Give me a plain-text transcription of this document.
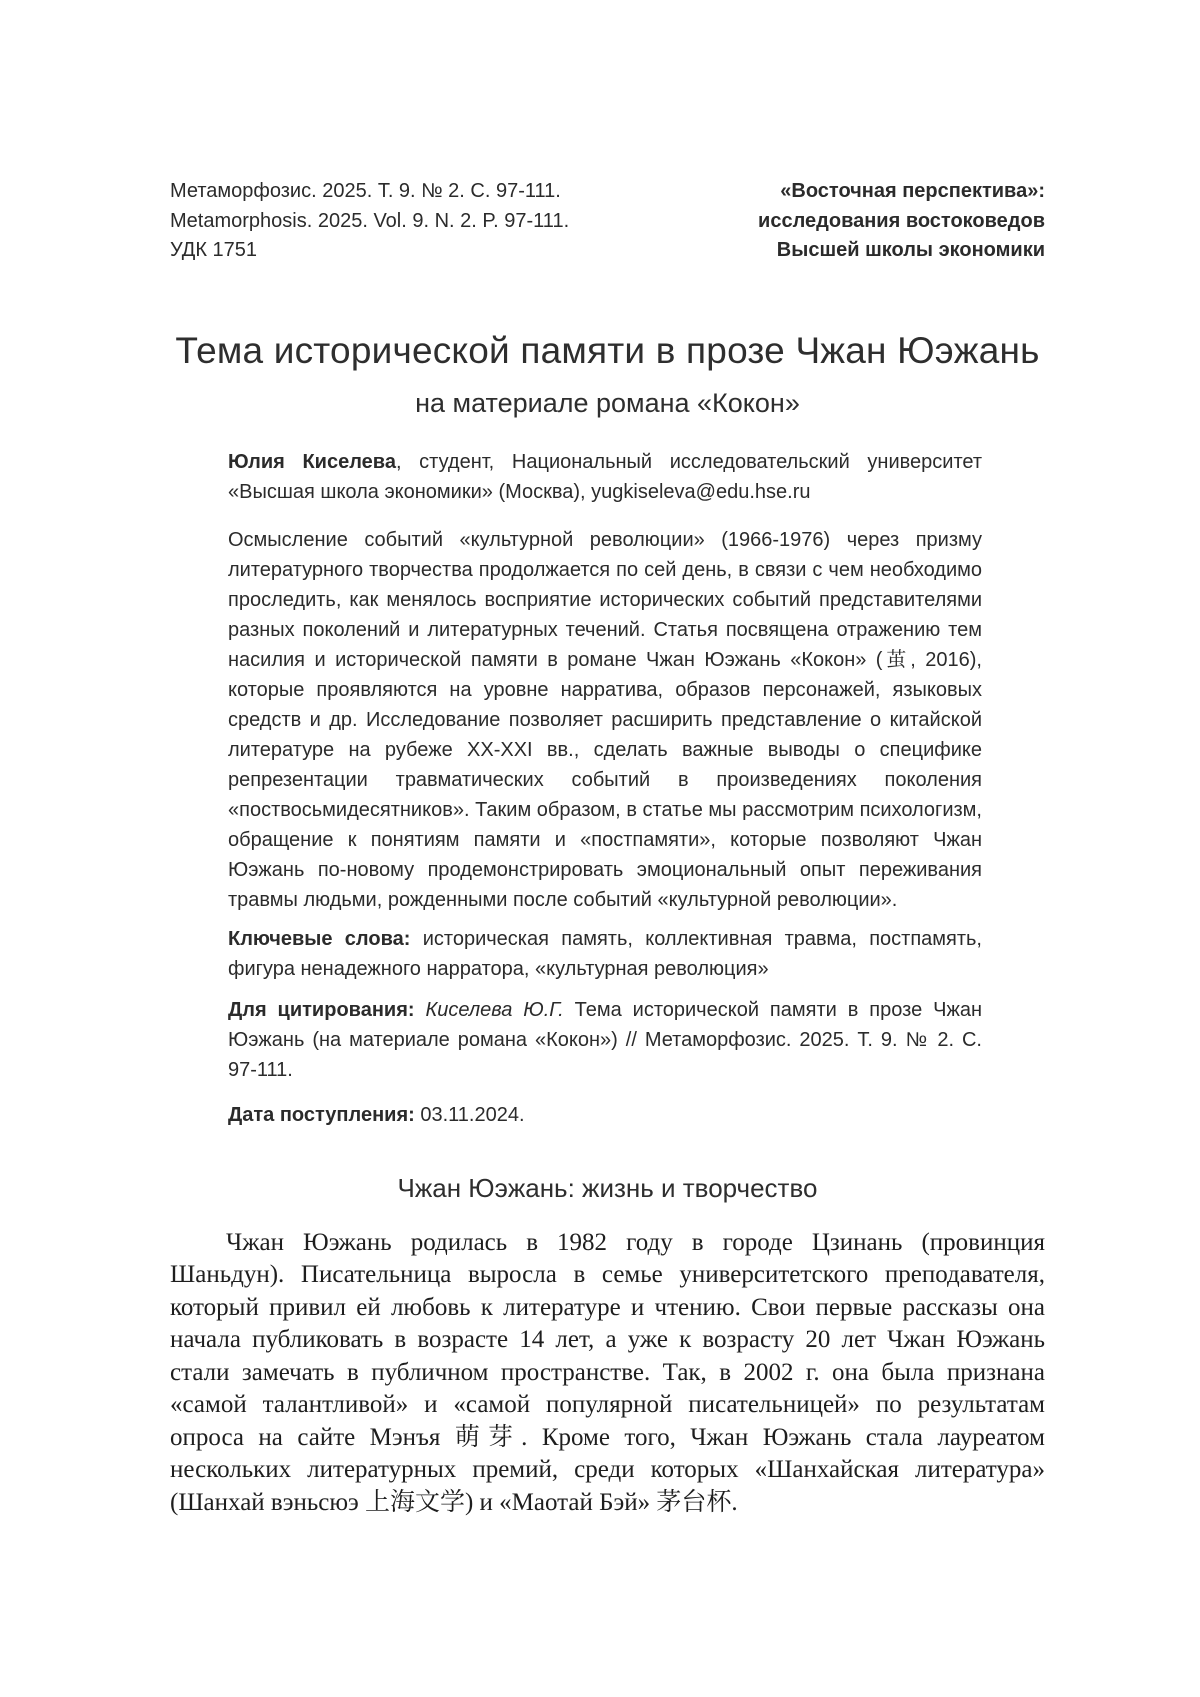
Метаморфозис. 2025. Т. 9. № 2. С. 97-111.
Metamorphosis. 2025. Vol. 9. N. 2. P. 97-111.
УДК 1751
«Восточная перспектива»:
исследования востоковедов
Высшей школы экономики
Тема исторической памяти в прозе Чжан Юэжань
на материале романа «Кокон»

Юлия Киселева, студент, Национальный исследовательский университет «Высшая школа экономики» (Москва), yugkiseleva@edu.hse.ru

Осмысление событий «культурной революции» (1966-1976) через призму литературного творчества продолжается по сей день, в связи с чем необходимо проследить, как менялось восприятие исторических событий представителями разных поколений и литературных течений. Статья посвящена отражению тем насилия и исторической памяти в романе Чжан Юэжань «Кокон» (茧, 2016), которые проявляются на уровне нарратива, образов персонажей, языковых средств и др. Исследование позволяет расширить представление о китайской литературе на рубеже XX-XXI вв., сделать важные выводы о специфике репрезентации травматических событий в произведениях поколения «поствосьмидесятников». Таким образом, в статье мы рассмотрим психологизм, обращение к понятиям памяти и «постпамяти», которые позволяют Чжан Юэжань по-новому продемонстрировать эмоциональный опыт переживания травмы людьми, рожденными после событий «культурной революции».

Ключевые слова: историческая память, коллективная травма, постпамять, фигура ненадежного нарратора, «культурная революция»

Для цитирования: Киселева Ю.Г. Тема исторической памяти в прозе Чжан Юэжань (на материале романа «Кокон») // Метаморфозис. 2025. Т. 9. № 2. С. 97-111.

Дата поступления: 03.11.2024.

Чжан Юэжань: жизнь и творчество

Чжан Юэжань родилась в 1982 году в городе Цзинань (провинция Шаньдун). Писательница выросла в семье университетского преподавателя, который привил ей любовь к литературе и чтению. Свои первые рассказы она начала публиковать в возрасте 14 лет, а уже к возрасту 20 лет Чжан Юэжань стали замечать в публичном пространстве. Так, в 2002 г. она была признана «самой талантливой» и «самой популярной писательницей» по результатам опроса на сайте Мэнъя 萌芽. Кроме того, Чжан Юэжань стала лауреатом нескольких литературных премий, среди которых «Шанхайская литература» (Шанхай вэньсюэ 上海文学) и «Маотай Бэй» 茅台杯.
